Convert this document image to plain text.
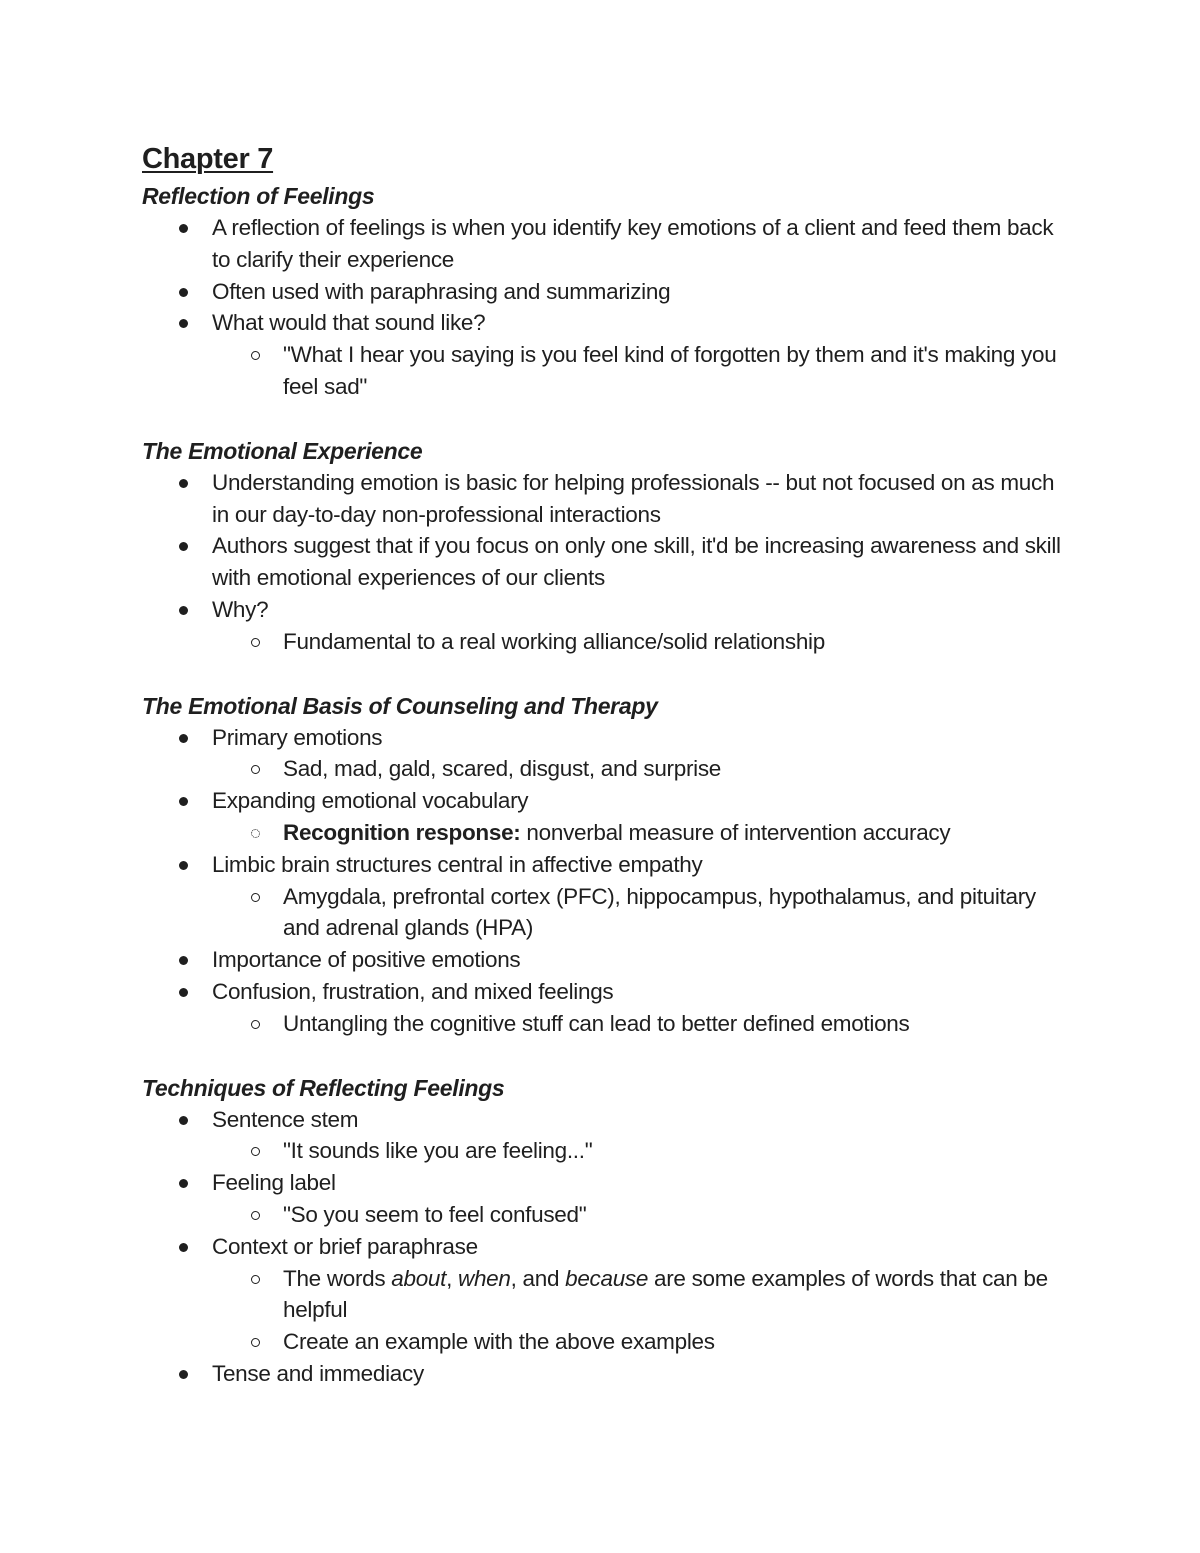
Chapter 7
Reflection of Feelings
A reflection of feelings is when you identify key emotions of a client and feed them back to clarify their experience
Often used with paraphrasing and summarizing
What would that sound like?
"What I hear you saying is you feel kind of forgotten by them and it's making you feel sad"
The Emotional Experience
Understanding emotion is basic for helping professionals -- but not focused on as much in our day-to-day non-professional interactions
Authors suggest that if you focus on only one skill, it'd be increasing awareness and skill with emotional experiences of our clients
Why?
Fundamental to a real working alliance/solid relationship
The Emotional Basis of Counseling and Therapy
Primary emotions
Sad, mad, gald, scared, disgust, and surprise
Expanding emotional vocabulary
Recognition response: nonverbal measure of intervention accuracy
Limbic brain structures central in affective empathy
Amygdala, prefrontal cortex (PFC), hippocampus, hypothalamus, and pituitary and adrenal glands (HPA)
Importance of positive emotions
Confusion, frustration, and mixed feelings
Untangling the cognitive stuff can lead to better defined emotions
Techniques of Reflecting Feelings
Sentence stem
"It sounds like you are feeling..."
Feeling label
"So you seem to feel confused"
Context or brief paraphrase
The words about, when, and because are some examples of words that can be helpful
Create an example with the above examples
Tense and immediacy
